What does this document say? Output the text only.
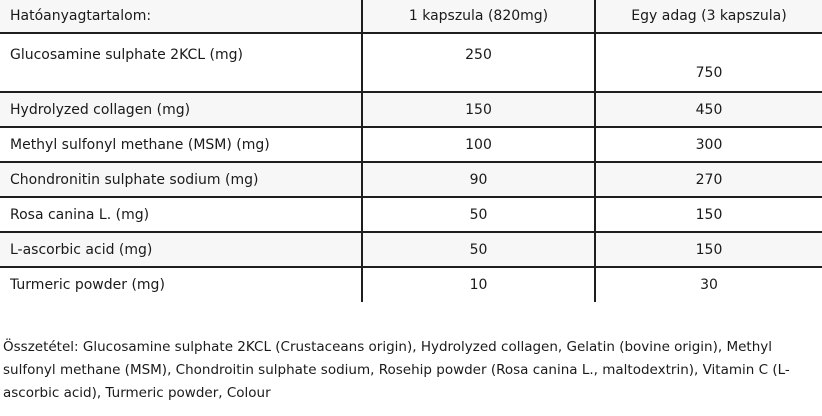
Hatóanyagtartalom:	1 kapszula (820mg)	Egy adag (3 kapszula)
Glucosamine sulphate 2KCL (mg)	250	750
Hydrolyzed collagen (mg)	150	450
Methyl sulfonyl methane (MSM) (mg)	100	300
Chondronitin sulphate sodium (mg)	90	270
Rosa canina L. (mg)	50	150
L-ascorbic acid (mg)	50	150
Turmeric powder (mg)	10	30
Összetétel: Glucosamine sulphate 2KCL (Crustaceans origin), Hydrolyzed collagen, Gelatin (bovine origin), Methyl sulfonyl methane (MSM), Chondroitin sulphate sodium, Rosehip powder (Rosa canina L., maltodextrin), Vitamin C (L-ascorbic acid), Turmeric powder, Colour
